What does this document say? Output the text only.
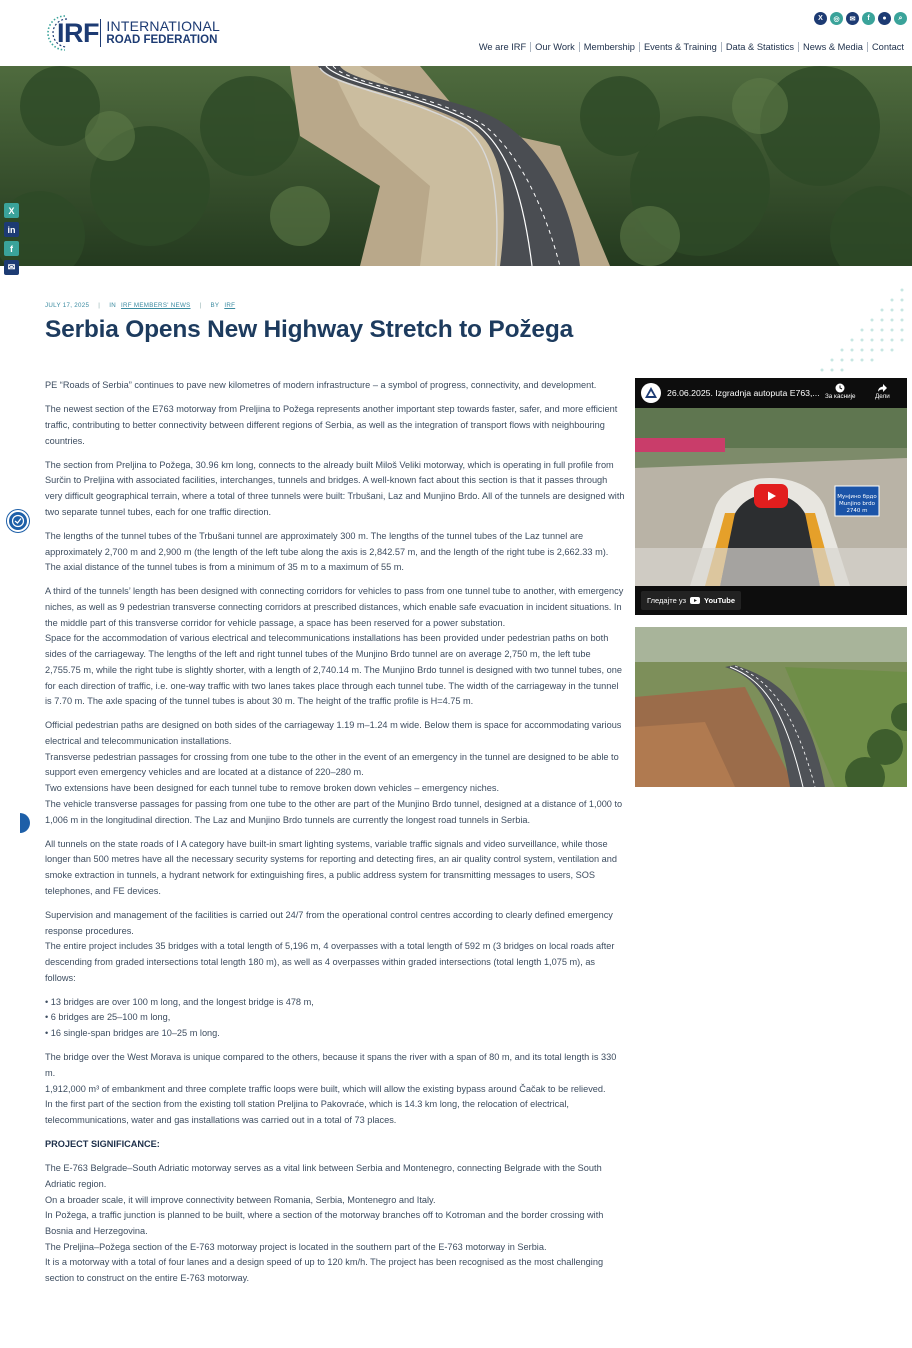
IRF INTERNATIONAL
ROAD FEDERATION
X	◎	✉	f	●	⌕
We are IRF Our Work Membership Events & Training Data & Statistics News & Media Contact
X
in
f
✉
JULY 17, 2025 | IN IRF MEMBERS' NEWS | BY IRF
Serbia Opens New Highway Stretch to Požega

PE “Roads of Serbia” continues to pave new kilometres of modern infrastructure – a symbol of progress, connectivity, and development.

The newest section of the E763 motorway from Preljina to Požega represents another important step towards faster, safer, and more efficient traffic, contributing to better connectivity between different regions of Serbia, as well as the integration of transport flows with neighbouring countries.

The section from Preljina to Požega, 30.96 km long, connects to the already built Miloš Veliki motorway, which is operating in full profile from Surčin to Preljina with associated facilities, interchanges, tunnels and bridges. A well-known fact about this section is that it passes through very difficult geographical terrain, where a total of three tunnels were built: Trbušani, Laz and Munjino Brdo. All of the tunnels are designed with two separate tunnel tubes, each for one traffic direction.

The lengths of the tunnel tubes of the Trbušani tunnel are approximately 300 m. The lengths of the tunnel tubes of the Laz tunnel are approximately 2,700 m and 2,900 m (the length of the left tube along the axis is 2,842.57 m, and the length of the right tube is 2,662.33 m). The axial distance of the tunnel tubes is from a minimum of 35 m to a maximum of 55 m.

A third of the tunnels’ length has been designed with connecting corridors for vehicles to pass from one tunnel tube to another, with emergency niches, as well as 9 pedestrian transverse connecting corridors at prescribed distances, which enable safe evacuation in incident situations. In the middle part of this transverse corridor for vehicle passage, a space has been reserved for a power substation.

Space for the accommodation of various electrical and telecommunications installations has been provided under pedestrian paths on both sides of the carriageway. The lengths of the left and right tunnel tubes of the Munjino Brdo tunnel are on average 2,750 m, the left tube 2,755.75 m, while the right tube is slightly shorter, with a length of 2,740.14 m. The Munjino Brdo tunnel is designed with two tunnel tubes, one for each direction of traffic, i.e. one-way traffic with two lanes takes place through each tunnel tube. The width of the carriageway in the tunnel is 7.70 m. The axle spacing of the tunnel tubes is about 30 m. The height of the traffic profile is H=4.75 m.

Official pedestrian paths are designed on both sides of the carriageway 1.19 m–1.24 m wide. Below them is space for accommodating various electrical and telecommunication installations.

Transverse pedestrian passages for crossing from one tube to the other in the event of an emergency in the tunnel are designed to be able to support even emergency vehicles and are located at a distance of 220–280 m.

Two extensions have been designed for each tunnel tube to remove broken down vehicles – emergency niches.

The vehicle transverse passages for passing from one tube to the other are part of the Munjino Brdo tunnel, designed at a distance of 1,000 to 1,006 m in the longitudinal direction. The Laz and Munjino Brdo tunnels are currently the longest road tunnels in Serbia.

All tunnels on the state roads of I A category have built-in smart lighting systems, variable traffic signals and video surveillance, while those longer than 500 metres have all the necessary security systems for reporting and detecting fires, an air quality control system, ventilation and smoke extraction in tunnels, a hydrant network for extinguishing fires, a public address system for transmitting messages to users, SOS telephones, and FE devices.

Supervision and management of the facilities is carried out 24/7 from the operational control centres according to clearly defined emergency response procedures.

The entire project includes 35 bridges with a total length of 5,196 m, 4 overpasses with a total length of 592 m (3 bridges on local roads after descending from graded intersections total length 180 m), as well as 4 overpasses within graded intersections (total length 1,075 m), as follows:

• 13 bridges are over 100 m long, and the longest bridge is 478 m,

• 6 bridges are 25–100 m long,

• 16 single-span bridges are 10–25 m long.

The bridge over the West Morava is unique compared to the others, because it spans the river with a span of 80 m, and its total length is 330 m.

1,912,000 m³ of embankment and three complete traffic loops were built, which will allow the existing bypass around Čačak to be relieved.

In the first part of the section from the existing toll station Preljina to Pakovraće, which is 14.3 km long, the relocation of electrical, telecommunications, water and gas installations was carried out in a total of 73 places.

PROJECT SIGNIFICANCE:

The E-763 Belgrade–South Adriatic motorway serves as a vital link between Serbia and Montenegro, connecting Belgrade with the South Adriatic region.

On a broader scale, it will improve connectivity between Romania, Serbia, Montenegro and Italy.

In Požega, a traffic junction is planned to be built, where a section of the motorway branches off to Kotroman and the border crossing with Bosnia and Herzegovina.

The Preljina–Požega section of the E-763 motorway project is located in the southern part of the E-763 motorway in Serbia.

It is a motorway with a total of four lanes and a design speed of up to 120 km/h. The project has been recognised as the most challenging section to construct on the entire E-763 motorway.

26.06.2025. Izgradnja autoputa E763,... За касније	Дели
Мунјино брдо
Munjino brdo
2740 m
Гледајте уз YouTube
